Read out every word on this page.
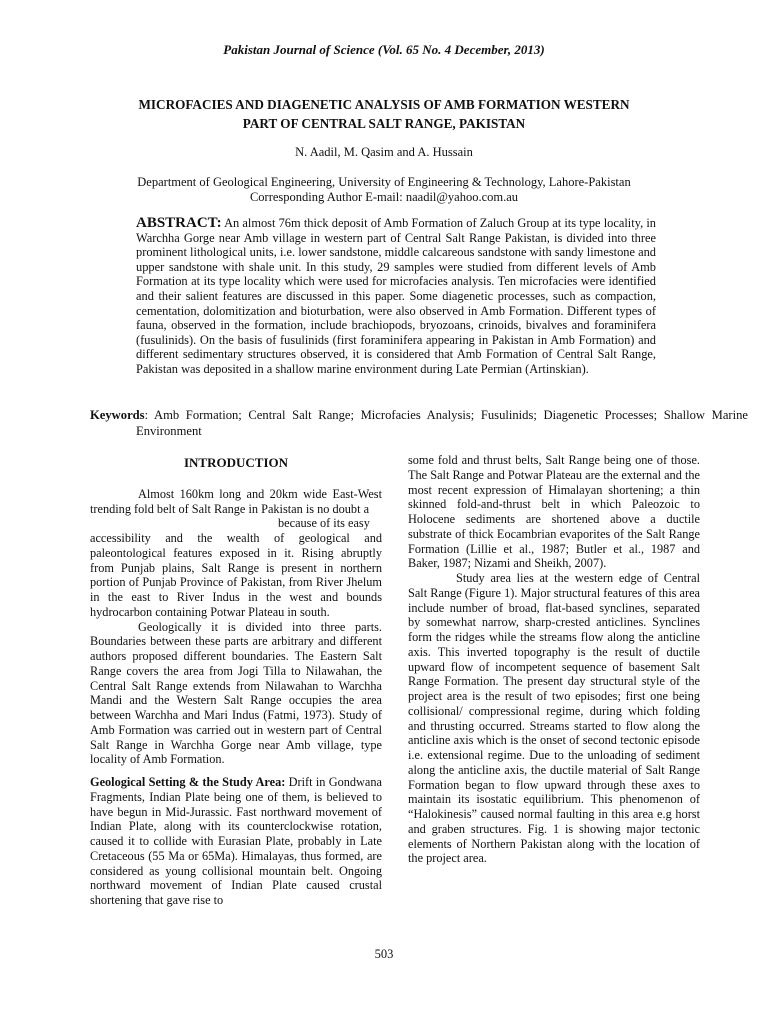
Pakistan Journal of Science (Vol. 65 No. 4 December, 2013)
MICROFACIES AND DIAGENETIC ANALYSIS OF AMB FORMATION WESTERN
PART OF CENTRAL SALT RANGE, PAKISTAN
N. Aadil, M. Qasim and A. Hussain
Department of Geological Engineering, University of Engineering & Technology, Lahore-Pakistan
Corresponding Author E-mail: naadil@yahoo.com.au
ABSTRACT: An almost 76m thick deposit of Amb Formation of Zaluch Group at its type locality, in Warchha Gorge near Amb village in western part of Central Salt Range Pakistan, is divided into three prominent lithological units, i.e. lower sandstone, middle calcareous sandstone with sandy limestone and upper sandstone with shale unit. In this study, 29 samples were studied from different levels of Amb Formation at its type locality which were used for microfacies analysis. Ten microfacies were identified and their salient features are discussed in this paper. Some diagenetic processes, such as compaction, cementation, dolomitization and bioturbation, were also observed in Amb Formation. Different types of fauna, observed in the formation, include brachiopods, bryozoans, crinoids, bivalves and foraminifera (fusulinids). On the basis of fusulinids (first foraminifera appearing in Pakistan in Amb Formation) and different sedimentary structures observed, it is considered that Amb Formation of Central Salt Range, Pakistan was deposited in a shallow marine environment during Late Permian (Artinskian).
Keywords: Amb Formation; Central Salt Range; Microfacies Analysis; Fusulinids; Diagenetic Processes; Shallow Marine Environment

INTRODUCTION

Almost 160km long and 20km wide East-West trending fold belt of Salt Range in Pakistan is no doubt a
because of its easy
accessibility and the wealth of geological and paleontological features exposed in it. Rising abruptly from Punjab plains, Salt Range is present in northern portion of Punjab Province of Pakistan, from River Jhelum in the east to River Indus in the west and bounds hydrocarbon containing Potwar Plateau in south.

Geologically it is divided into three parts. Boundaries between these parts are arbitrary and different authors proposed different boundaries. The Eastern Salt Range covers the area from Jogi Tilla to Nilawahan, the Central Salt Range extends from Nilawahan to Warchha Mandi and the Western Salt Range occupies the area between Warchha and Mari Indus (Fatmi, 1973). Study of Amb Formation was carried out in western part of Central Salt Range in Warchha Gorge near Amb village, type locality of Amb Formation.

Geological Setting & the Study Area: Drift in Gondwana Fragments, Indian Plate being one of them, is believed to have begun in Mid-Jurassic. Fast northward movement of Indian Plate, along with its counterclockwise rotation, caused it to collide with Eurasian Plate, probably in Late Cretaceous (55 Ma or 65Ma). Himalayas, thus formed, are considered as young collisional mountain belt. Ongoing northward movement of Indian Plate caused crustal shortening that gave rise to

some fold and thrust belts, Salt Range being one of those. The Salt Range and Potwar Plateau are the external and the most recent expression of Himalayan shortening; a thin skinned fold-and-thrust belt in which Paleozoic to Holocene sediments are shortened above a ductile substrate of thick Eocambrian evaporites of the Salt Range Formation (Lillie et al., 1987; Butler et al., 1987 and Baker, 1987; Nizami and Sheikh, 2007).

Study area lies at the western edge of Central Salt Range (Figure 1). Major structural features of this area include number of broad, flat-based synclines, separated by somewhat narrow, sharp-crested anticlines. Synclines form the ridges while the streams flow along the anticline axis. This inverted topography is the result of ductile upward flow of incompetent sequence of basement Salt Range Formation. The present day structural style of the project area is the result of two episodes; first one being collisional/ compressional regime, during which folding and thrusting occurred. Streams started to flow along the anticline axis which is the onset of second tectonic episode i.e. extensional regime. Due to the unloading of sediment along the anticline axis, the ductile material of Salt Range Formation began to flow upward through these axes to maintain its isostatic equilibrium. This phenomenon of “Halokinesis” caused normal faulting in this area e.g horst and graben structures. Fig. 1 is showing major tectonic elements of Northern Pakistan along with the location of the project area.

503
